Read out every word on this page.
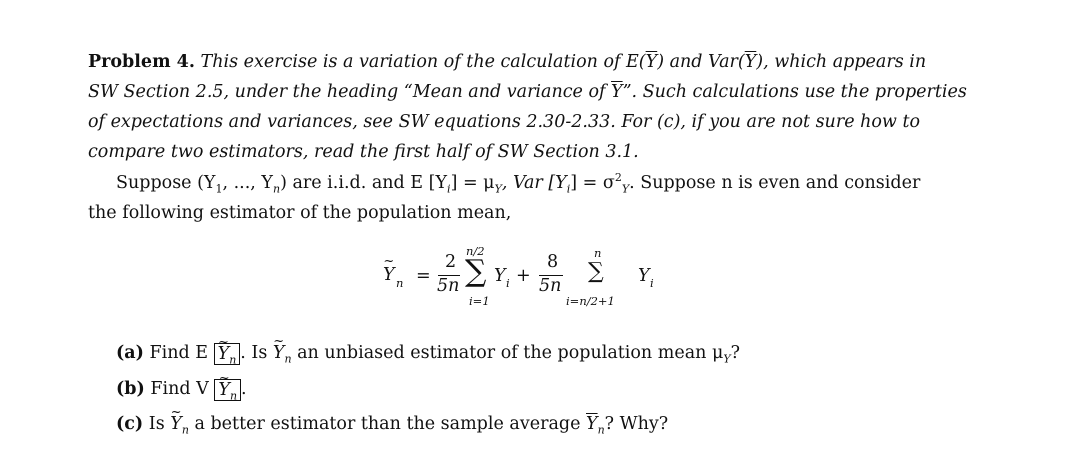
Problem 4. This exercise is a variation of the calculation of $E(\overline{Y})$ and $Var(\overline{Y})$, which appears in
SW Section 2.5, under the heading “Mean and variance of $\overline{Y}$”. Such calculations use the properties
of expectations and variances, see SW equations 2.30-2.33. For (c), if you are not sure how to
compare two estimators, read the first half of SW Section 3.1.
Suppose ($Y_1$, ..., $Y_n$) are i.i.d. and E $[Y_i] = \mu_Y$, Var $[Y_i] = \sigma^2_Y$. Suppose n is even and consider
the following estimator of the population mean,
~ Y n =
2
5n
n/2
∑
i=1
Y i +
8
5n
n
∑
i=n/2+1
Y i
(a) Find E ~ $Y_n$ . Is ~ $Y_n$ an unbiased estimator of the population mean $\mu_Y$?
(b) Find V ~ $Y_n$ .
(c) Is ~ $Y_n$ a better estimator than the sample average $\overline{Y}_n$? Why?
